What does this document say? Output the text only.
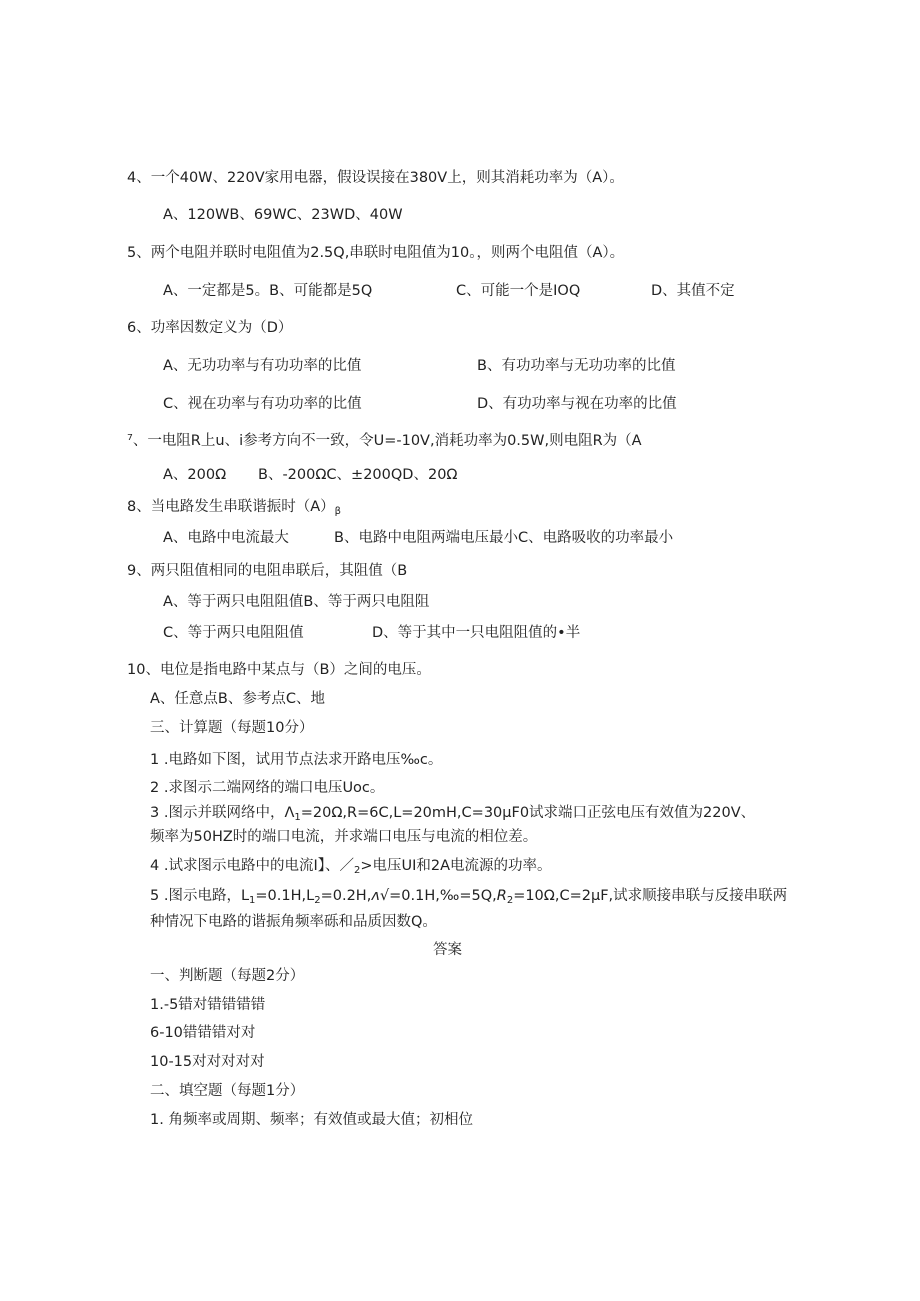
4、一个40W、220V家用电器，假设误接在380V上，则其消耗功率为（A）。
A、120WB、69WC、23WD、40W
5、两个电阻并联时电阻值为2.5Q,串联时电阻值为10。，则两个电阻值（A）。
A、一定都是5。B、可能都是5Q	C、可能一个是IOQ	D、其值不定
6、功率因数定义为（D）
A、无功功率与有功功率的比值	B、有功功率与无功功率的比值
C、视在功率与有功功率的比值	D、有功功率与视在功率的比值
⁷、一电阻R上u、i参考方向不一致，令U=-10V,消耗功率为0.5W,则电阻R为（A
A、200Ω B、-200ΩC、±200QD、20Ω
8、当电路发生串联谐振时$(A)_\beta$
A、电路中电流最大	B、电路中电阻两端电压最小C、电路吸收的功率最小
9、两只阻值相同的电阻串联后，其阻值（B
A、等于两只电阻阻值B、等于两只电阻阻
C、等于两只电阻阻值	D、等于其中一只电阻阻值的•半
10、电位是指电路中某点与（B）之间的电压。
A、任意点B、参考点C、地
三、计算题（每题10分）
1 .电路如下图，试用节点法求开路电压‰c。
2 .求图示二端网络的端口电压Uoc。
3 .图示并联网络中，$\Lambda_1=20\Omega,R=6C,L=20mH,C=30\mu F0$试求端口正弦电压有效值为220V、
频率为50HZ时的端口电流，并求端口电压与电流的相位差。
4 .试求图示电路中的电流I】、$/_2>$电压UI和2A电流源的功率。
5 .图示电路，$L_1=0.1H,L_2=0.2H,ʌ√=0.1H,‰=5Q,R_2=10\Omega,C=2\mu F$,试求顺接串联与反接串联两
种情况下电路的谐振角频率砾和品质因数Q。
答案
一、判断题（每题2分）
1.-5错对错错错错
6-10错错错对对
10-15对对对对对
二、填空题（每题1分）
1. 角频率或周期、频率；有效值或最大值；初相位
